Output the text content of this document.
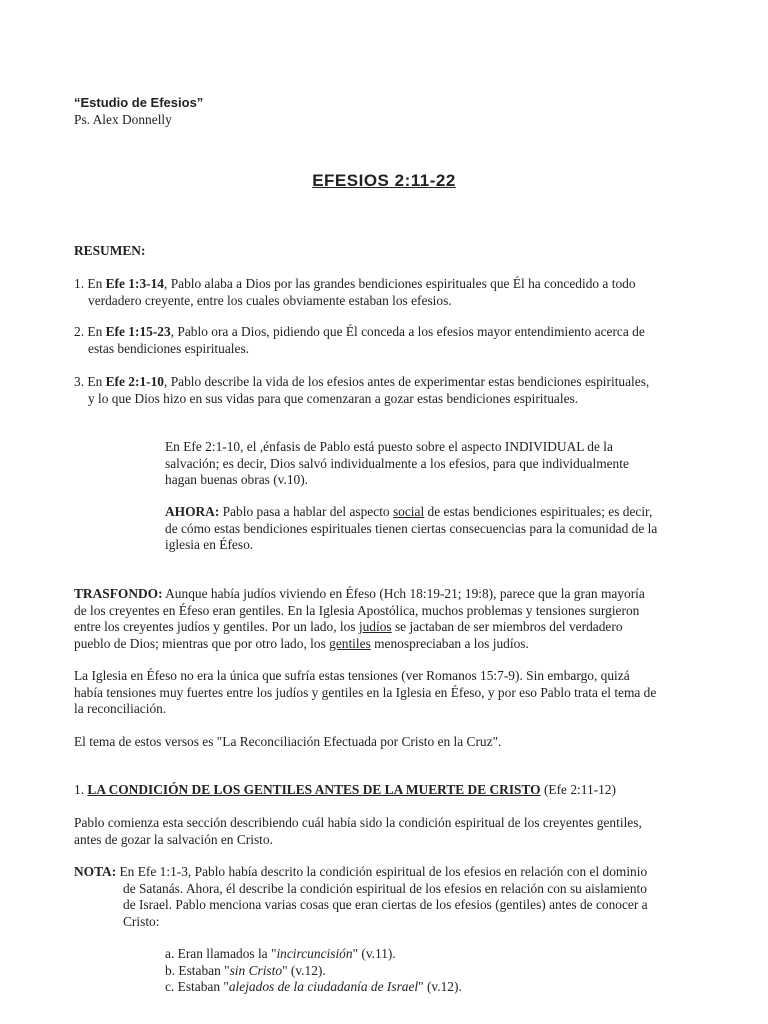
“Estudio de Efesios”
Ps. Alex Donnelly
EFESIOS 2:11-22
RESUMEN:

1. En Efe 1:3-14, Pablo alaba a Dios por las grandes bendiciones espirituales que Él ha concedido a todo

verdadero creyente, entre los cuales obviamente estaban los efesios.

2. En Efe 1:15-23, Pablo ora a Dios, pidiendo que Él conceda a los efesios mayor entendimiento acerca de

estas bendiciones espirituales.

3. En Efe 2:1-10, Pablo describe la vida de los efesios antes de experimentar estas bendiciones espirituales,

y lo que Dios hizo en sus vidas para que comenzaran a gozar estas bendiciones espirituales.

En Efe 2:1-10, el ,énfasis de Pablo está puesto sobre el aspecto INDIVIDUAL de la

salvación; es decir, Dios salvó individualmente a los efesios, para que individualmente

hagan buenas obras (v.10).

AHORA: Pablo pasa a hablar del aspecto social de estas bendiciones espirituales; es decir,

de cómo estas bendiciones espirituales tienen ciertas consecuencias para la comunidad de la

iglesia en Éfeso.

TRASFONDO: Aunque había judíos viviendo en Éfeso (Hch 18:19-21; 19:8), parece que la gran mayoría

de los creyentes en Éfeso eran gentiles. En la Iglesia Apostólica, muchos problemas y tensiones surgieron

entre los creyentes judíos y gentiles. Por un lado, los judíos se jactaban de ser miembros del verdadero

pueblo de Dios; mientras que por otro lado, los gentiles menospreciaban a los judíos.

La Iglesia en Éfeso no era la única que sufría estas tensiones (ver Romanos 15:7-9). Sin embargo, quizá

había tensiones muy fuertes entre los judíos y gentiles en la Iglesia en Éfeso, y por eso Pablo trata el tema de

la reconciliación.

El tema de estos versos es "La Reconciliación Efectuada por Cristo en la Cruz".
1. LA CONDICIÓN DE LOS GENTILES ANTES DE LA MUERTE DE CRISTO (Efe 2:11-12)

Pablo comienza esta sección describiendo cuál había sido la condición espiritual de los creyentes gentiles,

antes de gozar la salvación en Cristo.

NOTA: En Efe 1:1-3, Pablo había descrito la condición espiritual de los efesios en relación con el dominio

de Satanás. Ahora, él describe la condición espiritual de los efesios en relación con su aislamiento

de Israel. Pablo menciona varias cosas que eran ciertas de los efesios (gentiles) antes de conocer a

Cristo:

a. Eran llamados la "incircuncisión" (v.11).

b. Estaban "sin Cristo" (v.12).

c. Estaban "alejados de la ciudadanía de Israel" (v.12).
